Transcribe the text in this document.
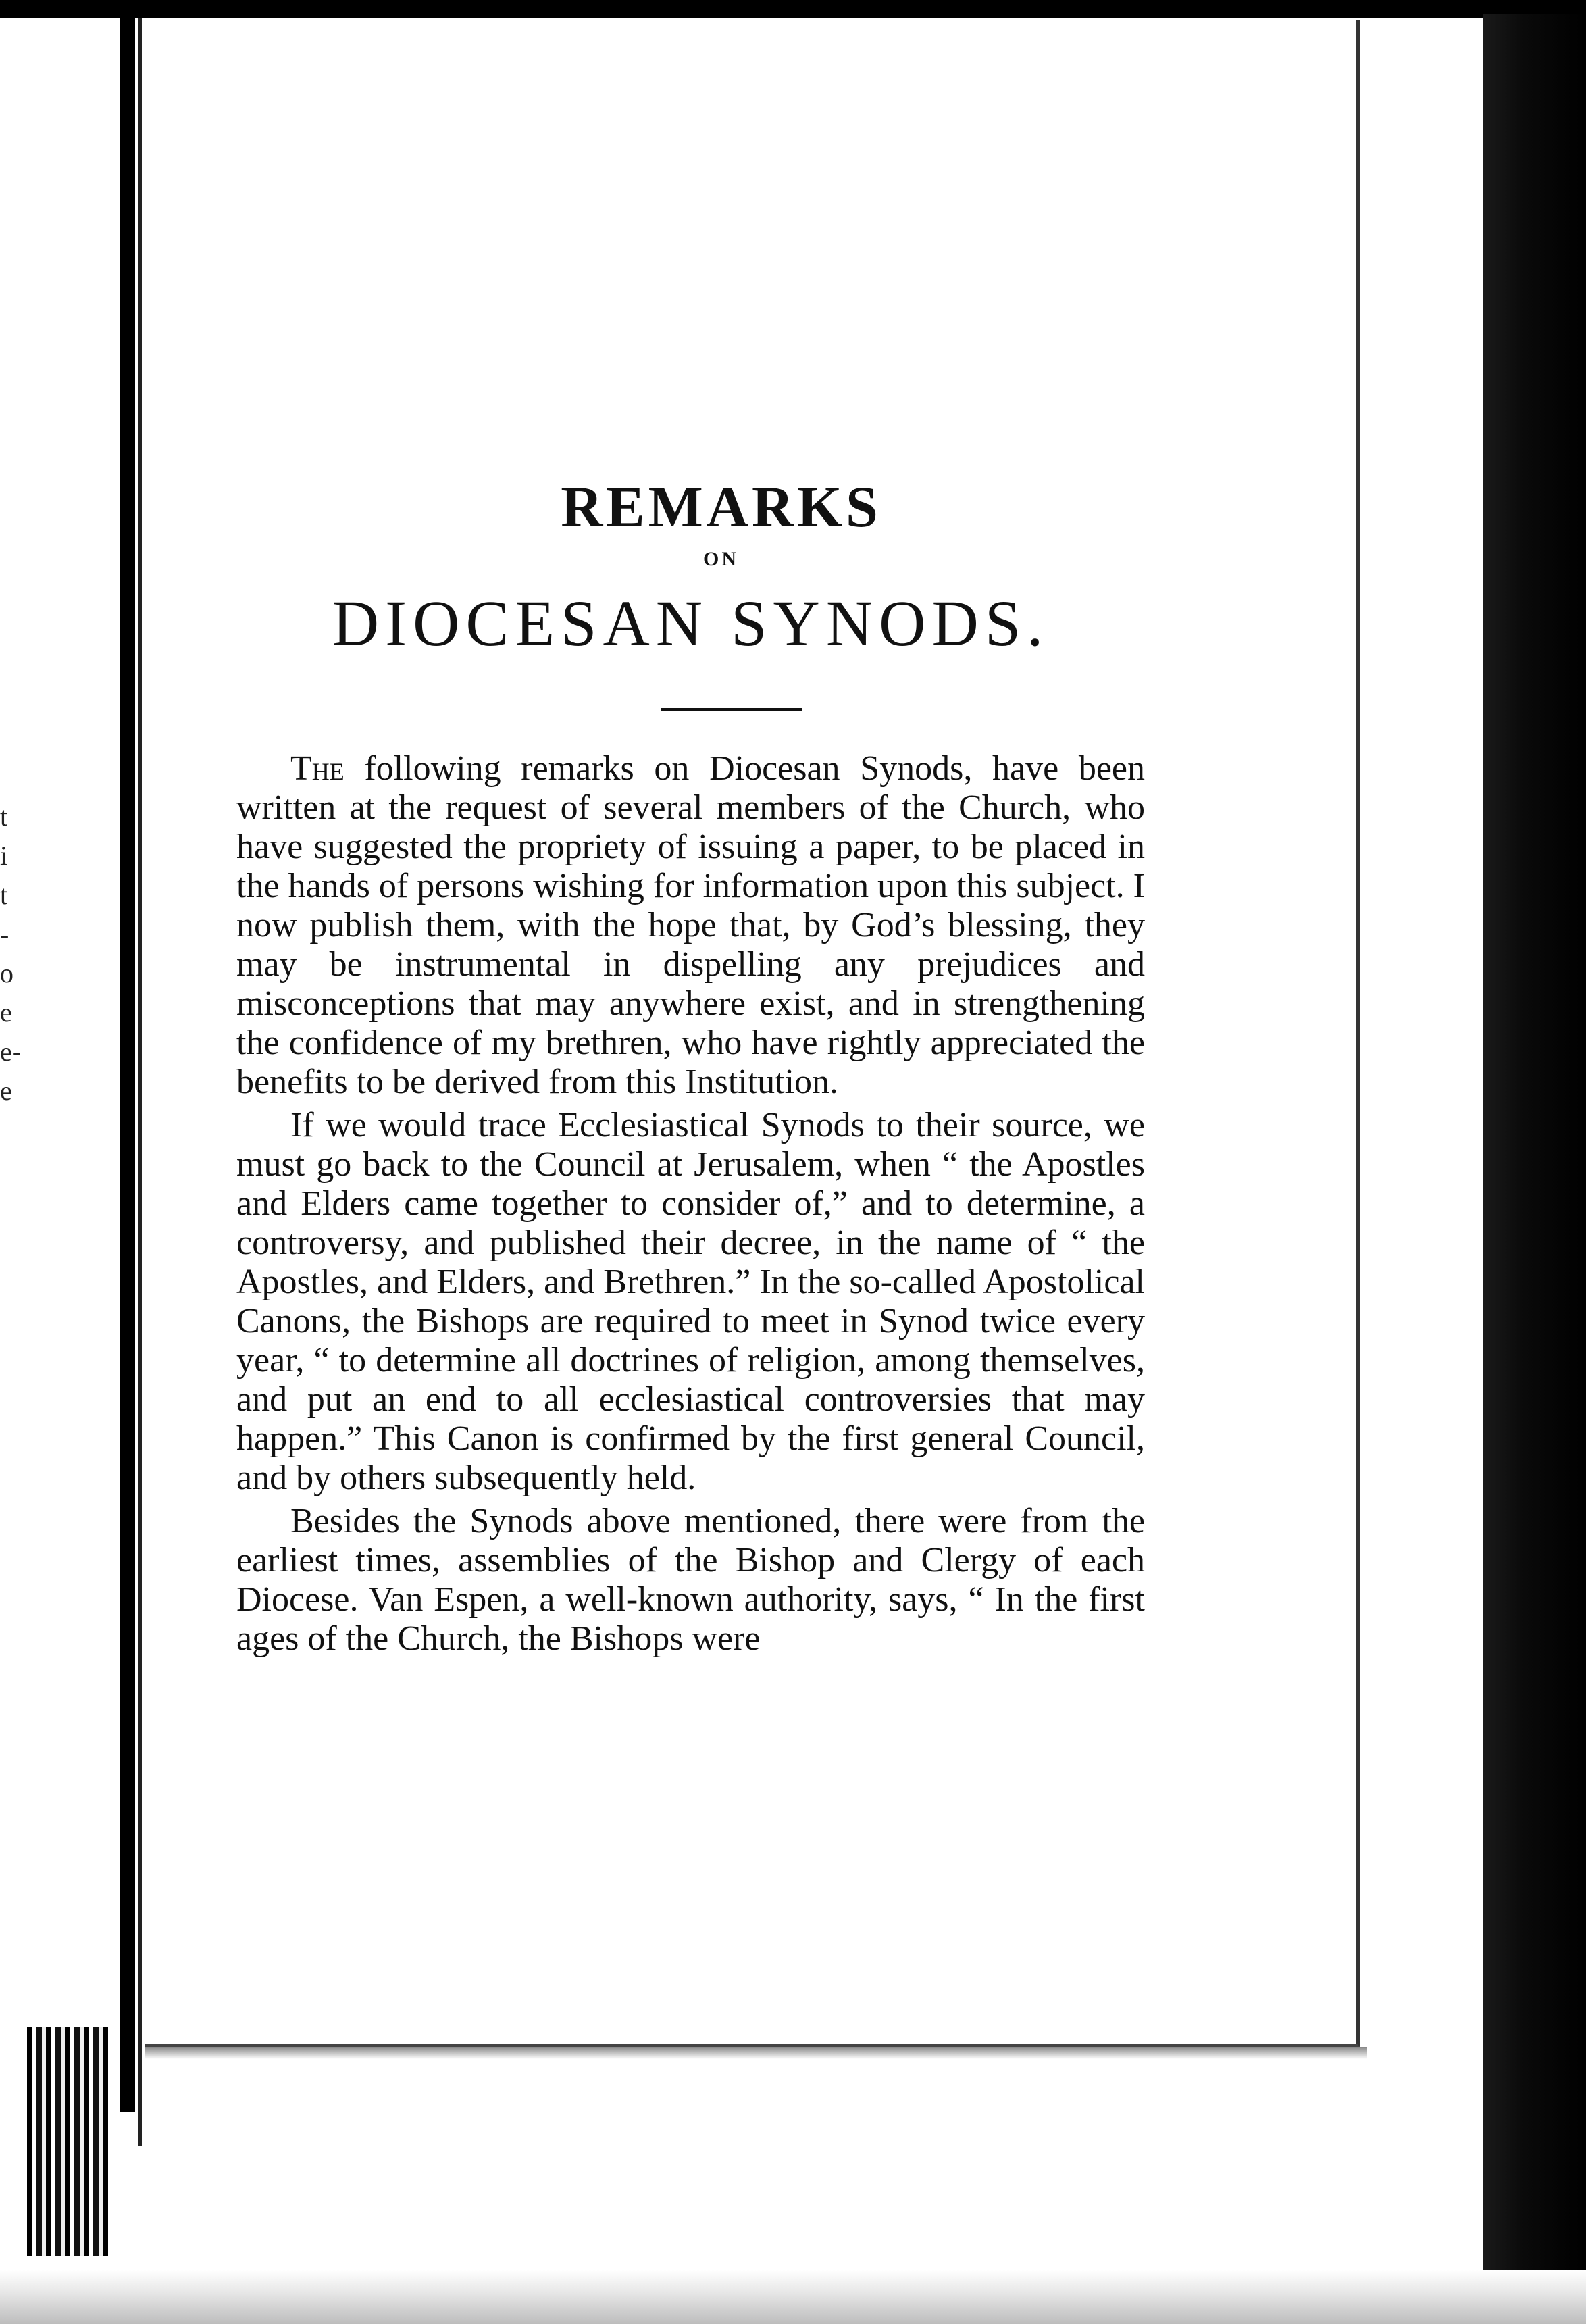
t
i
t
-
o
e
e-
e
REMARKS
ON
DIOCESAN SYNODS.

The following remarks on Diocesan Synods, have been written at the request of several members of the Church, who have suggested the propriety of issuing a paper, to be placed in the hands of persons wishing for information upon this subject. I now publish them, with the hope that, by God’s blessing, they may be instrumental in dispelling any prejudices and misconceptions that may anywhere exist, and in strengthening the confidence of my brethren, who have rightly appreciated the benefits to be derived from this Institution.

If we would trace Ecclesiastical Synods to their source, we must go back to the Council at Jerusalem, when “ the Apostles and Elders came together to consider of,” and to determine, a controversy, and published their decree, in the name of “ the Apostles, and Elders, and Brethren.” In the so-called Apostolical Canons, the Bishops are required to meet in Synod twice every year, “ to determine all doctrines of religion, among themselves, and put an end to all ecclesiastical controversies that may happen.” This Canon is confirmed by the first general Council, and by others subsequently held.

Besides the Synods above mentioned, there were from the earliest times, assemblies of the Bishop and Clergy of each Diocese. Van Espen, a well-known authority, says, “ In the first ages of the Church, the Bishops were
